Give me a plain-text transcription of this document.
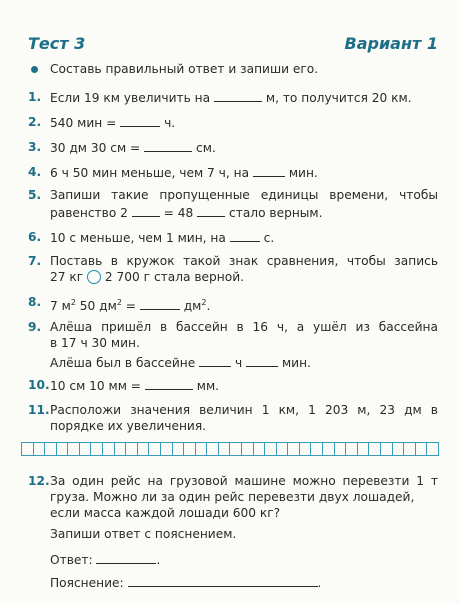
Тест 3	Вариант 1
Составь правильный ответ и запиши его.
1. Если 19 км увеличить на	м, то получится 20 км.
2. 540 мин =	ч.
3. 30 дм 30 см =	см.
4. 6 ч 50 мин меньше, чем 7 ч, на	мин.
5. Запиши такие пропущенные единицы времени, чтобы
равенство 2	= 48	стало верным.
6. 10 с меньше, чем 1 мин, на	с.
7. Поставь в кружок такой знак сравнения, чтобы запись
27 кг 2 700 г стала верной.
8. 7 $м^2$ 50 $дм^2$ =	$дм^2$.
9. Алёша пришёл в бассейн в 16 ч, а ушёл из бассейна
в 17 ч 30 мин.
Алёша был в бассейне	ч	мин.
10. 10 см 10 мм =	мм.
11. Расположи значения величин 1 км, 1 203 м, 23 дм в
порядке их увеличения.
12. За один рейс на грузовой машине можно перевезти 1 т
груза. Можно ли за один рейс перевезти двух лошадей,
если масса каждой лошади 600 кг?
Запиши ответ с пояснением.
Ответ:	.
Пояснение:	.
